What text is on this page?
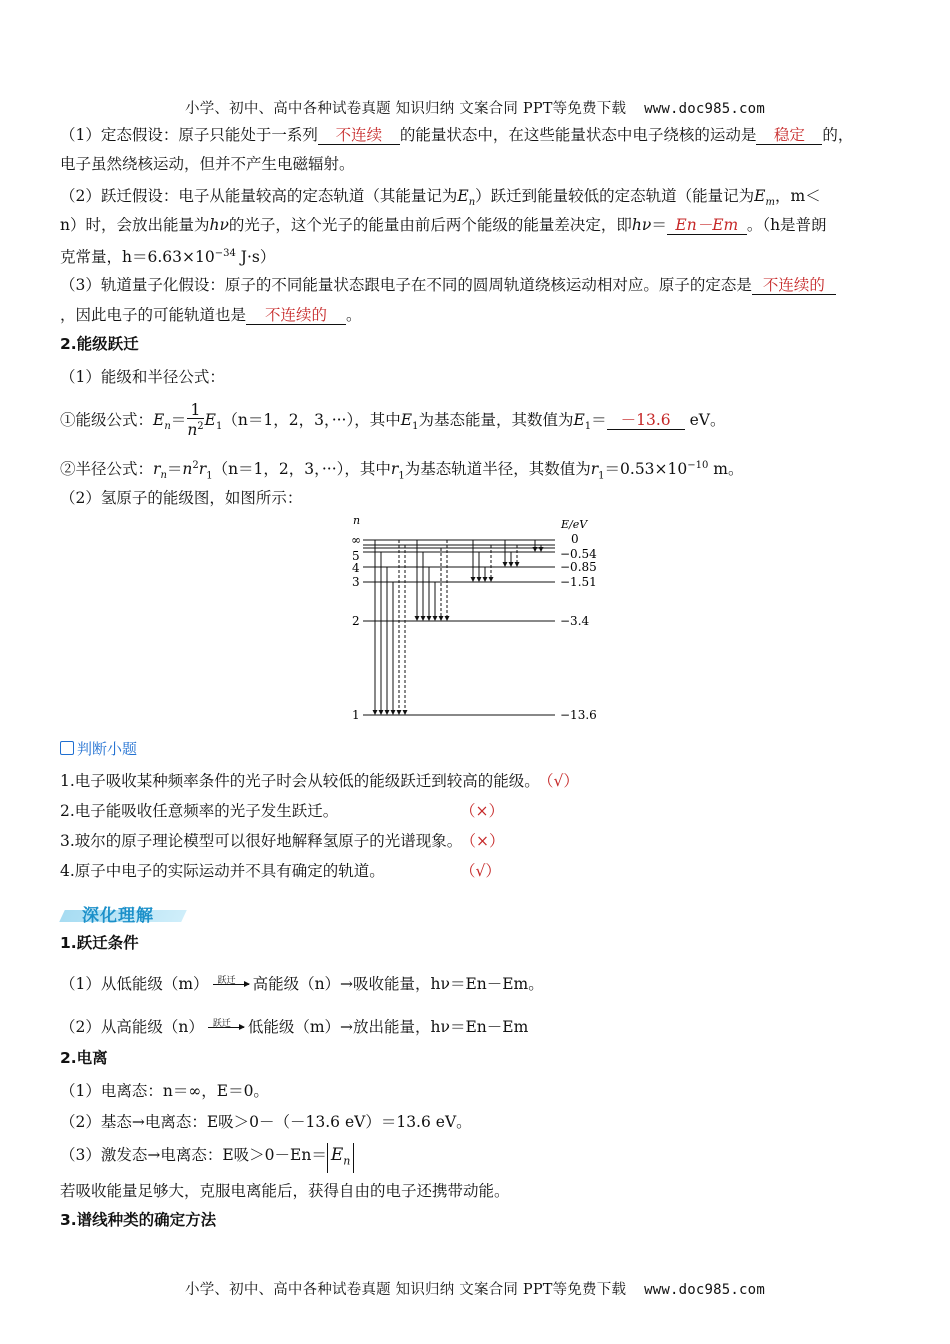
小学、初中、高中各种试卷真题 知识归纳 文案合同 PPT等免费下载 www.doc985.com
（1）定态假设：原子只能处于一系列 不连续 的能量状态中，在这些能量状态中电子绕核的运动是 稳定 的，
电子虽然绕核运动，但并不产生电磁辐射。
（2）跃迁假设：电子从能量较高的定态轨道（其能量记为$E_n$）跃迁到能量较低的定态轨道（能量记为$E_m$，m＜
n）时，会放出能量为hν的光子，这个光子的能量由前后两个能级的能量差决定，即hν＝ En－Em 。（h是普朗
克常量，$h=6.63\times 10^{-34}$ J·s）
（3）轨道量子化假设：原子的不同能量状态跟电子在不同的圆周轨道绕核运动相对应。原子的定态是 不连续的
，因此电子的可能轨道也是 不连续的 。
2.能级跃迁
（1）能级和半径公式：
①能级公式：$E_n= \frac{1}{n^2} E_1(n=1$，2，3，···），其中$E_1$为基态能量，其数值为$E_1= -13.6$ eV。
②半径公式：$r_n=n^2r_1(n=1$，2，3，···），其中$r_1$为基态轨道半径，其数值为$r_1=0.53\times 10^{-10}$ m。
（2）氢原子的能级图，如图所示：
n	E/eV
∞
5
4
3
2
1
0
−0.54
−0.85
−1.51
−3.4
−13.6
判断小题
1.电子吸收某种频率条件的光子时会从较低的能级跃迁到较高的能级。 （√）
2.电子能吸收任意频率的光子发生跃迁。	（×）
3.玻尔的原子理论模型可以很好地解释氢原子的光谱现象。 （×）
4.原子中电子的实际运动并不具有确定的轨道。	（√）
深化理解
1.跃迁条件
（1）从低能级（m） 跃迁 高能级（n）→吸收能量，hν＝En－Em。
（2）从高能级（n） 跃迁 低能级（m）→放出能量，hν＝En－Em
2.电离
（1）电离态：n＝∞，E＝0。
（2）基态→电离态：E吸＞0－（－13.6 eV）＝13.6 eV。
（3）激发态→电离态：E吸$>0-En= E_n$
若吸收能量足够大，克服电离能后，获得自由的电子还携带动能。
3.谱线种类的确定方法
小学、初中、高中各种试卷真题 知识归纳 文案合同 PPT等免费下载 www.doc985.com
